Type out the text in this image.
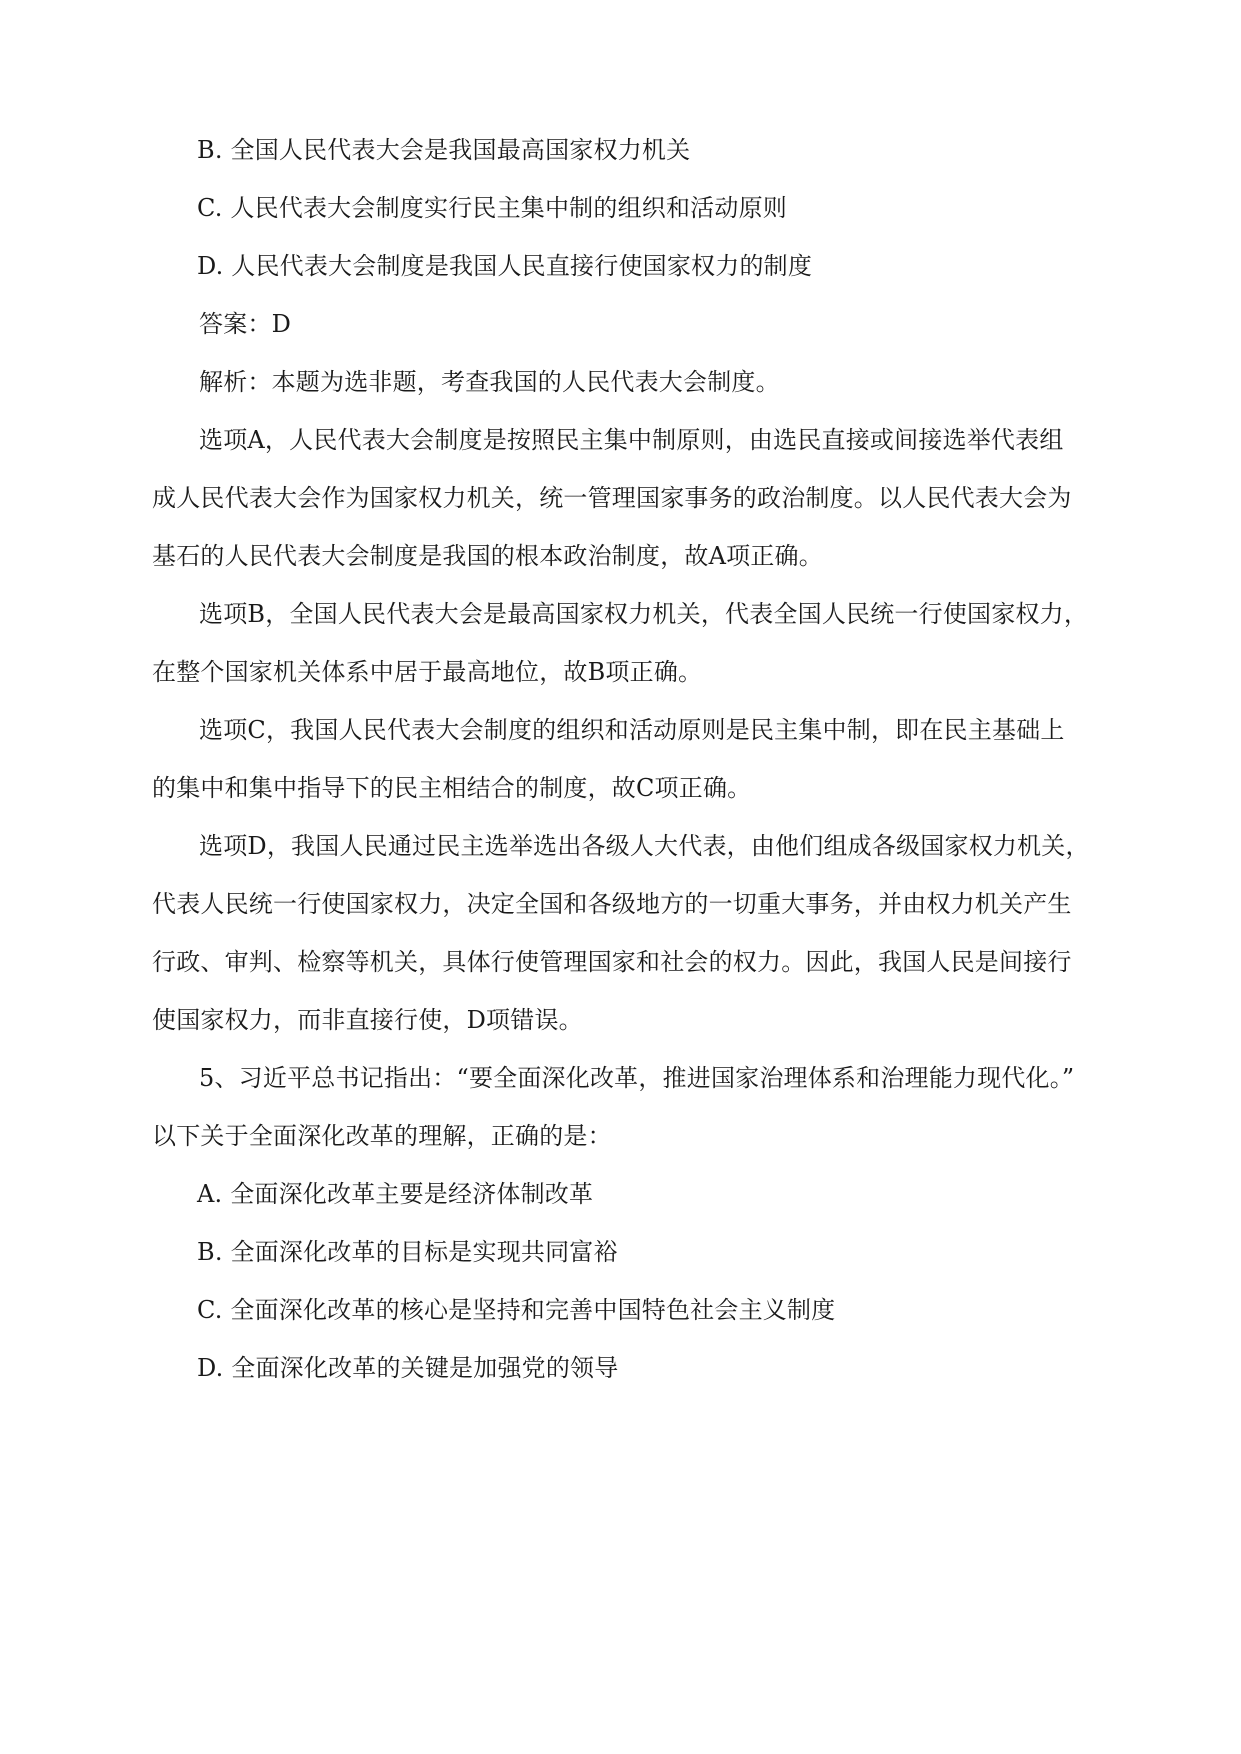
B. 全国人民代表大会是我国最高国家权力机关
C. 人民代表大会制度实行民主集中制的组织和活动原则
D. 人民代表大会制度是我国人民直接行使国家权力的制度
答案：D
解析：本题为选非题，考查我国的人民代表大会制度。
选项A，人民代表大会制度是按照民主集中制原则，由选民直接或间接选举代表组
成人民代表大会作为国家权力机关，统一管理国家事务的政治制度。以人民代表大会为
基石的人民代表大会制度是我国的根本政治制度，故A项正确。
选项B，全国人民代表大会是最高国家权力机关，代表全国人民统一行使国家权力，
在整个国家机关体系中居于最高地位，故B项正确。
选项C，我国人民代表大会制度的组织和活动原则是民主集中制，即在民主基础上
的集中和集中指导下的民主相结合的制度，故C项正确。
选项D，我国人民通过民主选举选出各级人大代表，由他们组成各级国家权力机关，
代表人民统一行使国家权力，决定全国和各级地方的一切重大事务，并由权力机关产生
行政、审判、检察等机关，具体行使管理国家和社会的权力。因此，我国人民是间接行
使国家权力，而非直接行使，D项错误。
5、习近平总书记指出：“要全面深化改革，推进国家治理体系和治理能力现代化。”
以下关于全面深化改革的理解，正确的是：
A. 全面深化改革主要是经济体制改革
B. 全面深化改革的目标是实现共同富裕
C. 全面深化改革的核心是坚持和完善中国特色社会主义制度
D. 全面深化改革的关键是加强党的领导
